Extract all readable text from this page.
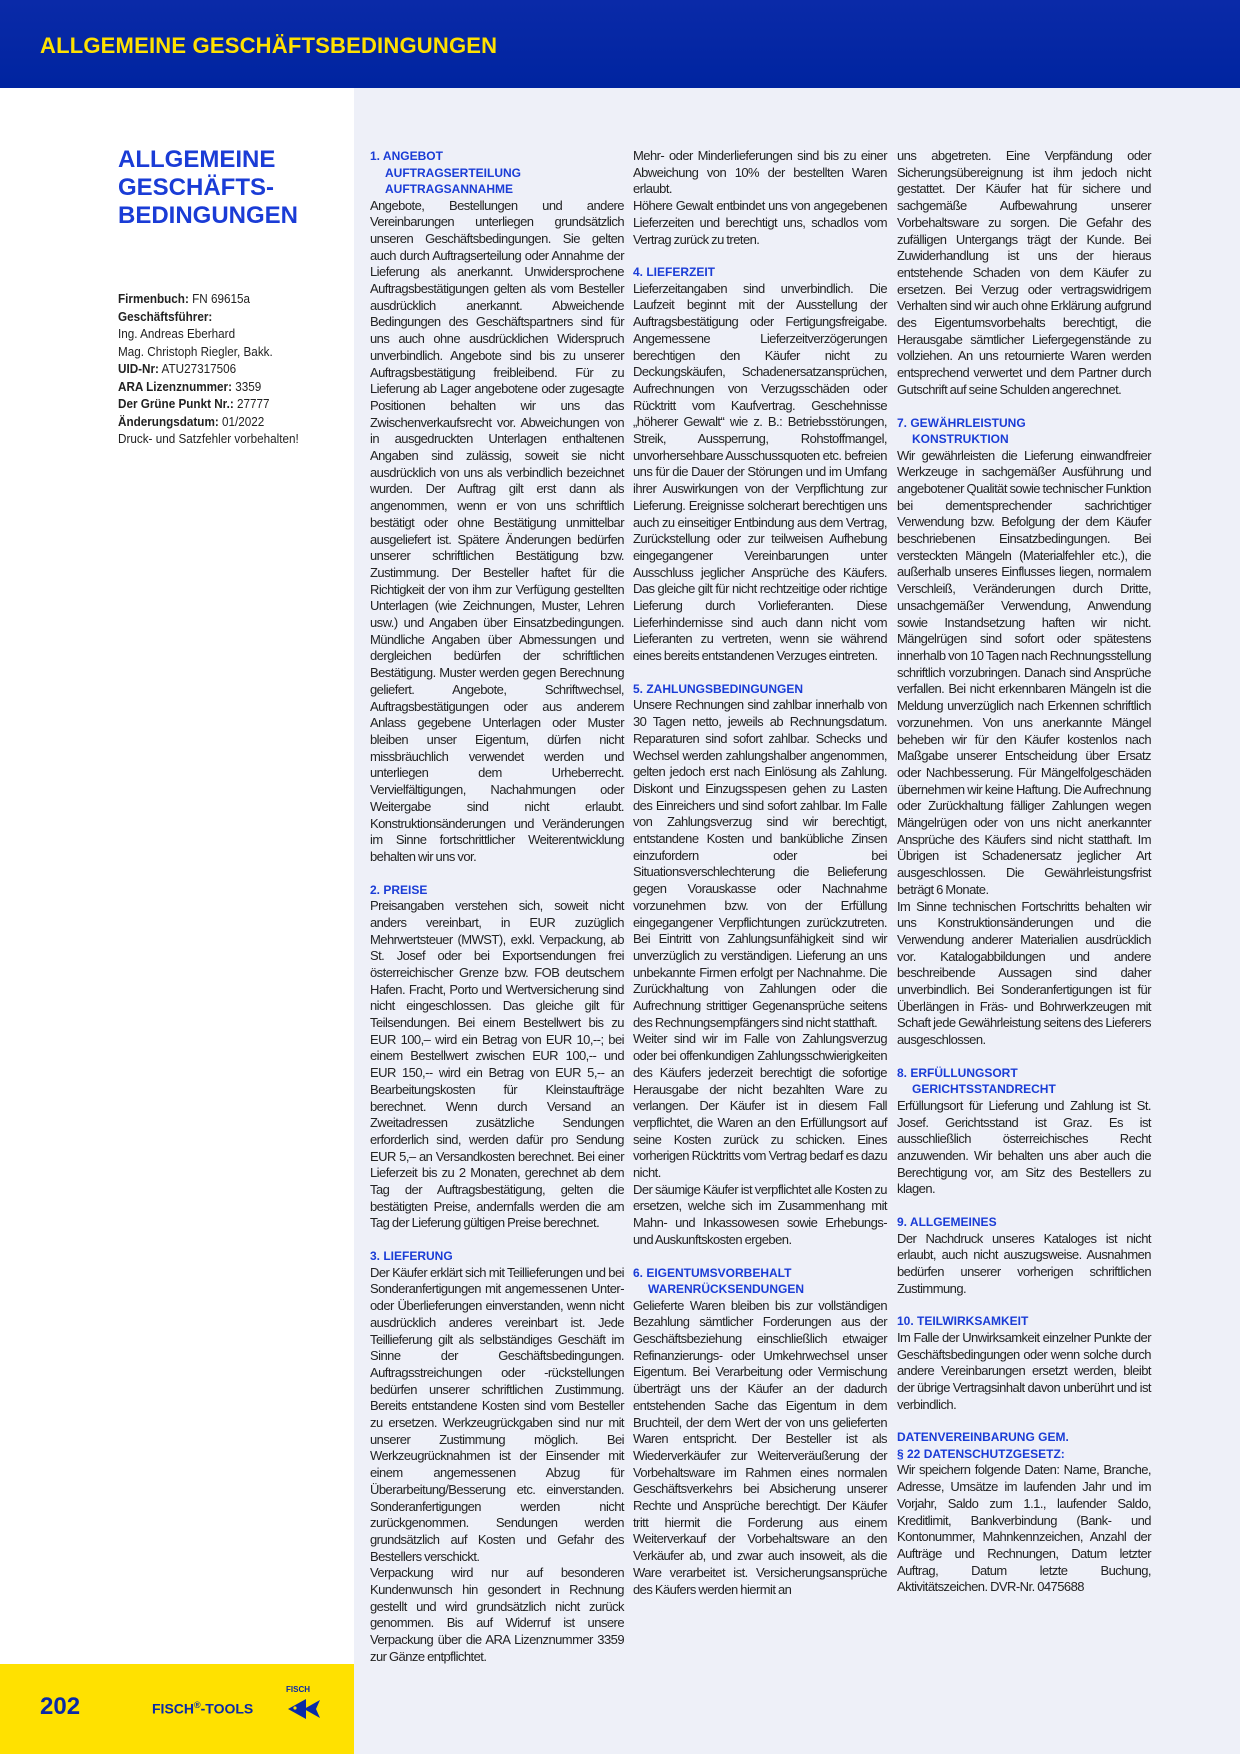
ALLGEMEINE GESCHÄFTSBEDINGUNGEN
ALLGEMEINE
GESCHÄFTS-
BEDINGUNGEN
Firmenbuch: FN 69615a
Geschäftsführer:
Ing. Andreas Eberhard
Mag. Christoph Riegler, Bakk.
UID-Nr: ATU27317506
ARA Lizenznummer: 3359
Der Grüne Punkt Nr.: 27777
Änderungsdatum: 01/2022
Druck- und Satzfehler vorbehalten!
1. ANGEBOT
AUFTRAGSERTEILUNG
AUFTRAGSANNAHME

Angebote, Bestellungen und andere Vereinbarungen unterliegen grundsätzlich unseren Geschäftsbedingungen. Sie gelten auch durch Auftragserteilung oder Annahme der Lieferung als anerkannt. Unwidersprochene Auftragsbestätigungen gelten als vom Besteller ausdrücklich anerkannt. Abweichende Bedingungen des Geschäftspartners sind für uns auch ohne ausdrücklichen Widerspruch unverbindlich. Angebote sind bis zu unserer Auftragsbestätigung freibleibend. Für zu Lieferung ab Lager angebotene oder zugesagte Positionen behalten wir uns das Zwischenverkaufsrecht vor. Abweichungen von in ausgedruckten Unterlagen enthaltenen Angaben sind zulässig, soweit sie nicht ausdrücklich von uns als verbindlich bezeichnet wurden. Der Auftrag gilt erst dann als angenommen, wenn er von uns schriftlich bestätigt oder ohne Bestätigung unmittelbar ausgeliefert ist. Spätere Änderungen bedürfen unserer schriftlichen Bestätigung bzw. Zustimmung. Der Besteller haftet für die Richtigkeit der von ihm zur Verfügung gestellten Unterlagen (wie Zeichnungen, Muster, Lehren usw.) und Angaben über Einsatzbedingungen. Mündliche Angaben über Abmessungen und dergleichen bedürfen der schriftlichen Bestätigung. Muster werden gegen Berechnung geliefert. Angebote, Schriftwechsel, Auftragsbestätigungen oder aus anderem Anlass gegebene Unterlagen oder Muster bleiben unser Eigentum, dürfen nicht missbräuchlich verwendet werden und unterliegen dem Urheberrecht. Vervielfältigungen, Nachahmungen oder Weitergabe sind nicht erlaubt. Konstruktionsänderungen und Veränderungen im Sinne fortschrittlicher Weiterentwicklung behalten wir uns vor.

2. PREISE

Preisangaben verstehen sich, soweit nicht anders vereinbart, in EUR zuzüglich Mehrwertsteuer (MWST), exkl. Verpackung, ab St. Josef oder bei Exportsendungen frei österreichischer Grenze bzw. FOB deutschem Hafen. Fracht, Porto und Wertversicherung sind nicht eingeschlossen. Das gleiche gilt für Teilsendungen. Bei einem Bestellwert bis zu EUR 100,– wird ein Betrag von EUR 10,--; bei einem Bestellwert zwischen EUR 100,-- und EUR 150,-- wird ein Betrag von EUR 5,-- an Bearbeitungskosten für Kleinstaufträge berechnet. Wenn durch Versand an Zweitadressen zusätzliche Sendungen erforderlich sind, werden dafür pro Sendung EUR 5,– an Versandkosten berechnet. Bei einer Lieferzeit bis zu 2 Monaten, gerechnet ab dem Tag der Auftragsbestätigung, gelten die bestätigten Preise, andernfalls werden die am Tag der Lieferung gültigen Preise berechnet.

3. LIEFERUNG

Der Käufer erklärt sich mit Teillieferungen und bei Sonderanfertigungen mit angemessenen Unter- oder Überlieferungen einverstanden, wenn nicht ausdrücklich anderes vereinbart ist. Jede Teillieferung gilt als selbständiges Geschäft im Sinne der Geschäftsbedingungen. Auftragsstreichungen oder -rückstellungen bedürfen unserer schriftlichen Zustimmung. Bereits entstandene Kosten sind vom Besteller zu ersetzen. Werkzeugrückgaben sind nur mit unserer Zustimmung möglich. Bei Werkzeugrücknahmen ist der Einsender mit einem angemessenen Abzug für Überarbeitung/Besserung etc. einverstanden. Sonderanfertigungen werden nicht zurückgenommen. Sendungen werden grundsätzlich auf Kosten und Gefahr des Bestellers verschickt.

Verpackung wird nur auf besonderen Kundenwunsch hin gesondert in Rechnung gestellt und wird grundsätzlich nicht zurück genommen. Bis auf Widerruf ist unsere Verpackung über die ARA Lizenznummer 3359 zur Gänze entpflichtet.

Mehr- oder Minderlieferungen sind bis zu einer Abweichung von 10% der bestellten Waren erlaubt.

Höhere Gewalt entbindet uns von angegebenen Lieferzeiten und berechtigt uns, schadlos vom Vertrag zurück zu treten.

4. LIEFERZEIT

Lieferzeitangaben sind unverbindlich. Die Laufzeit beginnt mit der Ausstellung der Auftragsbestätigung oder Fertigungsfreigabe. Angemessene Lieferzeitverzögerungen berechtigen den Käufer nicht zu Deckungskäufen, Schadenersatzansprüchen, Aufrechnungen von Verzugsschäden oder Rücktritt vom Kaufvertrag. Geschehnisse „höherer Gewalt“ wie z. B.: Betriebsstörungen, Streik, Aussperrung, Rohstoffmangel, unvorhersehbare Ausschussquoten etc. befreien uns für die Dauer der Störungen und im Umfang ihrer Auswirkungen von der Verpflichtung zur Lieferung. Ereignisse solcherart berechtigen uns auch zu einseitiger Entbindung aus dem Vertrag, Zurückstellung oder zur teilweisen Aufhebung eingegangener Vereinbarungen unter Ausschluss jeglicher Ansprüche des Käufers. Das gleiche gilt für nicht rechtzeitige oder richtige Lieferung durch Vorlieferanten. Diese Lieferhindernisse sind auch dann nicht vom Lieferanten zu vertreten, wenn sie während eines bereits entstandenen Verzuges eintreten.

5. ZAHLUNGSBEDINGUNGEN

Unsere Rechnungen sind zahlbar innerhalb von 30 Tagen netto, jeweils ab Rechnungsdatum. Reparaturen sind sofort zahlbar. Schecks und Wechsel werden zahlungshalber angenommen, gelten jedoch erst nach Einlösung als Zahlung. Diskont und Einzugsspesen gehen zu Lasten des Einreichers und sind sofort zahlbar. Im Falle von Zahlungsverzug sind wir berechtigt, entstandene Kosten und bankübliche Zinsen einzufordern oder bei Situationsverschlechterung die Belieferung gegen Vorauskasse oder Nachnahme vorzunehmen bzw. von der Erfüllung eingegangener Verpflichtungen zurückzutreten. Bei Eintritt von Zahlungsunfähigkeit sind wir unverzüglich zu verständigen. Lieferung an uns unbekannte Firmen erfolgt per Nachnahme. Die Zurückhaltung von Zahlungen oder die Aufrechnung strittiger Gegenansprüche seitens des Rechnungsempfängers sind nicht statthaft.

Weiter sind wir im Falle von Zahlungsverzug oder bei offenkundigen Zahlungsschwierigkeiten des Käufers jederzeit berechtigt die sofortige Herausgabe der nicht bezahlten Ware zu verlangen. Der Käufer ist in diesem Fall verpflichtet, die Waren an den Erfüllungsort auf seine Kosten zurück zu schicken. Eines vorherigen Rücktritts vom Vertrag bedarf es dazu nicht.

Der säumige Käufer ist verpflichtet alle Kosten zu ersetzen, welche sich im Zusammenhang mit Mahn- und Inkassowesen sowie Erhebungs- und Auskunftskosten ergeben.

6. EIGENTUMSVORBEHALT
WARENRÜCKSENDUNGEN

Gelieferte Waren bleiben bis zur vollständigen Bezahlung sämtlicher Forderungen aus der Geschäftsbeziehung einschließlich etwaiger Refinanzierungs- oder Umkehrwechsel unser Eigentum. Bei Verarbeitung oder Vermischung überträgt uns der Käufer an der dadurch entstehenden Sache das Eigentum in dem Bruchteil, der dem Wert der von uns gelieferten Waren entspricht. Der Besteller ist als Wiederverkäufer zur Weiterveräußerung der Vorbehaltsware im Rahmen eines normalen Geschäftsverkehrs bei Absicherung unserer Rechte und Ansprüche berechtigt. Der Käufer tritt hiermit die Forderung aus einem Weiterverkauf der Vorbehaltsware an den Verkäufer ab, und zwar auch insoweit, als die Ware verarbeitet ist. Versicherungsansprüche des Käufers werden hiermit an

uns abgetreten. Eine Verpfändung oder Sicherungsübereignung ist ihm jedoch nicht gestattet. Der Käufer hat für sichere und sachgemäße Aufbewahrung unserer Vorbehaltsware zu sorgen. Die Gefahr des zufälligen Untergangs trägt der Kunde. Bei Zuwiderhandlung ist uns der hieraus entstehende Schaden von dem Käufer zu ersetzen. Bei Verzug oder vertragswidrigem Verhalten sind wir auch ohne Erklärung aufgrund des Eigentumsvorbehalts berechtigt, die Herausgabe sämtlicher Liefergegenstände zu vollziehen. An uns retournierte Waren werden entsprechend verwertet und dem Partner durch Gutschrift auf seine Schulden angerechnet.

7. GEWÄHRLEISTUNG
KONSTRUKTION

Wir gewährleisten die Lieferung einwandfreier Werkzeuge in sachgemäßer Ausführung und angebotener Qualität sowie technischer Funktion bei dementsprechender sachrichtiger Verwendung bzw. Befolgung der dem Käufer beschriebenen Einsatzbedingungen. Bei versteckten Mängeln (Materialfehler etc.), die außerhalb unseres Einflusses liegen, normalem Verschleiß, Veränderungen durch Dritte, unsachgemäßer Verwendung, Anwendung sowie Instandsetzung haften wir nicht. Mängelrügen sind sofort oder spätestens innerhalb von 10 Tagen nach Rechnungsstellung schriftlich vorzubringen. Danach sind Ansprüche verfallen. Bei nicht erkennbaren Mängeln ist die Meldung unverzüglich nach Erkennen schriftlich vorzunehmen. Von uns anerkannte Mängel beheben wir für den Käufer kostenlos nach Maßgabe unserer Entscheidung über Ersatz oder Nachbesserung. Für Mängelfolgeschäden übernehmen wir keine Haftung. Die Aufrechnung oder Zurückhaltung fälliger Zahlungen wegen Mängelrügen oder von uns nicht anerkannter Ansprüche des Käufers sind nicht statthaft. Im Übrigen ist Schadenersatz jeglicher Art ausgeschlossen. Die Gewährleistungsfrist beträgt 6 Monate.

Im Sinne technischen Fortschritts behalten wir uns Konstruktionsänderungen und die Verwendung anderer Materialien ausdrücklich vor. Katalogabbildungen und andere beschreibende Aussagen sind daher unverbindlich. Bei Sonderanfertigungen ist für Überlängen in Fräs- und Bohrwerkzeugen mit Schaft jede Gewährleistung seitens des Lieferers ausgeschlossen.

8. ERFÜLLUNGSORT
GERICHTSSTANDRECHT

Erfüllungsort für Lieferung und Zahlung ist St. Josef. Gerichtsstand ist Graz. Es ist ausschließlich österreichisches Recht anzuwenden. Wir behalten uns aber auch die Berechtigung vor, am Sitz des Bestellers zu klagen.

9. ALLGEMEINES

Der Nachdruck unseres Kataloges ist nicht erlaubt, auch nicht auszugsweise. Ausnahmen bedürfen unserer vorherigen schriftlichen Zustimmung.

10. TEILWIRKSAMKEIT

Im Falle der Unwirksamkeit einzelner Punkte der Geschäftsbedingungen oder wenn solche durch andere Vereinbarungen ersetzt werden, bleibt der übrige Vertragsinhalt davon unberührt und ist verbindlich.

DATENVEREINBARUNG GEM.
§ 22 DATENSCHUTZGESETZ:

Wir speichern folgende Daten: Name, Branche, Adresse, Umsätze im laufenden Jahr und im Vorjahr, Saldo zum 1.1., laufender Saldo, Kreditlimit, Bankverbindung (Bank- und Kontonummer, Mahnkennzeichen, Anzahl der Aufträge und Rechnungen, Datum letzter Auftrag, Datum letzte Buchung, Aktivitätszeichen. DVR-Nr. 0475688

202	FISCH®-TOOLS
FISCH
